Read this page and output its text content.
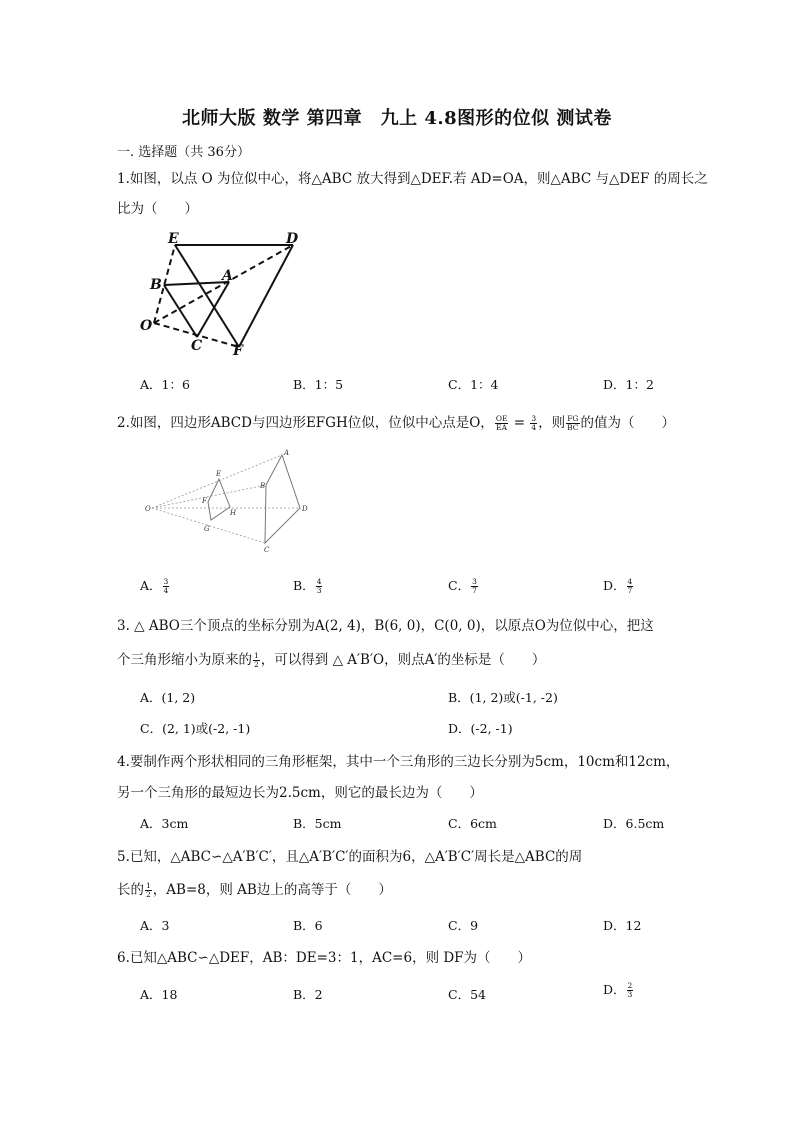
北师大版 数学 第四章　九上 4.8图形的位似 测试卷
一. 选择题（共 36分）
1.如图，以点 O 为位似中心，将△ABC 放大得到△DEF.若 AD=OA，则△ABC 与△DEF 的周长之
比为（　　）
E	D
B
A
O
C F
A．1：6	B．1：5	C．1：4	D．1：2
2.如图，四边形ABCD与四边形EFGH位似，位似中心点是O， $\frac{OE}{EA} = \frac{3}{4}$ ，则 $\frac{FG}{BC}$ 的值为（　　）
O
E
F
G
H
A
B
C
D
A． $\frac{3}{4}$	B． $\frac{4}{3}$	C． $\frac{3}{7}$	D． $\frac{4}{7}$
3. △ ABO三个顶点的坐标分别为A(2, 4)，B(6, 0)，C(0, 0)，以原点O为位似中心，把这
个三角形缩小为原来的 $\frac{1}{2}$ ，可以得到 △ A′B′O，则点A′的坐标是（　　）
A．(1, 2)	B．(1, 2)或(-1, -2)
C．(2, 1)或(-2, -1)	D．(-2, -1)
4.要制作两个形状相同的三角形框架，其中一个三角形的三边长分别为5cm，10cm和12cm，
另一个三角形的最短边长为2.5cm，则它的最长边为（　　）
A．3cm	B．5cm	C．6cm	D．6.5cm
5.已知，△ABC∽△A′B′C′，且△A′B′C′的面积为6，△A′B′C′周长是△ABC的周
长的 $\frac{1}{2}$ ，AB=8，则 AB边上的高等于（　　）
A．3	B．6	C．9	D．12
6.已知△ABC∽△DEF，AB：DE=3：1，AC=6，则 DF为（　　）
A．18	B．2	C．54	D． $\frac{2}{3}$
